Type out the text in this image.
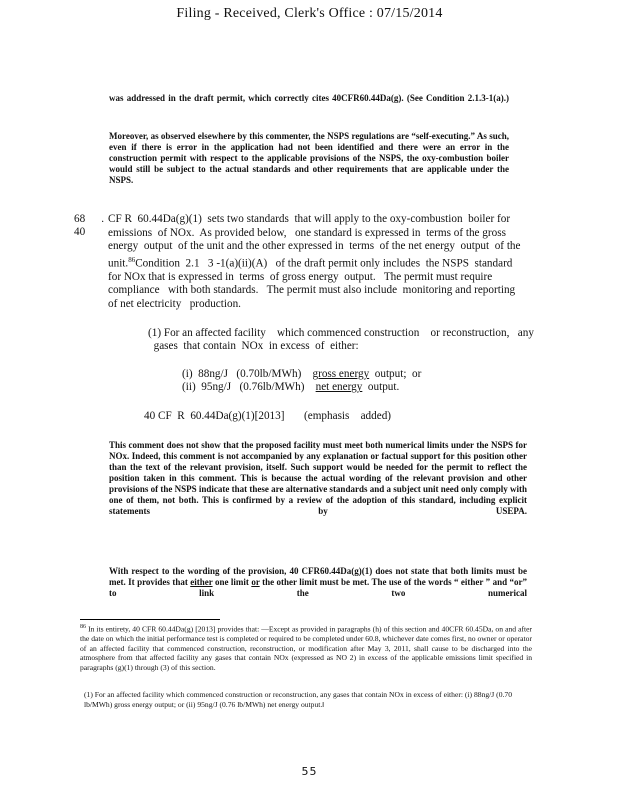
Filing - Received, Clerk's Office : 07/15/2014

was addressed in the draft permit, which correctly cites 40CFR60.44Da(g). (See Condition 2.1.3-1(a).)

Moreover, as observed elsewhere by this commenter, the NSPS regulations are “self-executing.” As such, even if there is error in the application had not been identified and there were an error in the construction permit with respect to the applicable provisions of the NSPS, the oxy-combustion boiler would still be subject to the actual standards and other requirements that are applicable under the NSPS.

68 . 40
CF R  60.44Da(g)(1)  sets two standards  that will apply to the oxy-combustion  boiler for
emissions  of NOx.  As provided below,   one standard is expressed in  terms of the gross
energy  output  of the unit and the other expressed in  terms  of the net energy  output  of the
unit.$^{86}$Condition  2.1   3 -1(a)(ii)(A)   of the draft permit only includes  the NSPS  standard
for NOx that is expressed in  terms  of gross energy  output.   The permit must require
compliance   with both standards.   The permit must also include  monitoring and reporting
of net electricity   production.
(1) For an affected facility    which commenced construction    or reconstruction,   any
gases  that contain  NOx  in excess  of  either:
(i)  88ng/J   (0.70lb/MWh)    gross energy  output;  or
(ii)  95ng/J   (0.76lb/MWh)    net energy  output.
40 CF  R  60.44Da(g)(1)[2013]       (emphasis    added)

This comment does not show that the proposed facility must meet both numerical limits under the NSPS for NOx. Indeed, this comment is not accompanied by any explanation or factual support for this position other than the text of the relevant provision, itself. Such support would be needed for the permit to reflect the position taken in this comment. This is because the actual wording of the relevant provision and other provisions of the NSPS indicate that these are alternative standards and a subject unit need only comply with one of them, not both. This is confirmed by a review of the adoption of this standard, including explicit statements by USEPA.

With respect to the wording of the provision, 40 CFR60.44Da(g)(1) does not state that both limits must be met. It provides that either one limit or the other limit must be met. The use of the words “ either ” and “or” to link the two numerical

$^{86}$ In its entirety, 40 CFR 60.44Da(g) [2013] provides that: —Except as provided in paragraphs (h) of this section and 40CFR 60.45Da, on and after the date on which the initial performance test is completed or required to be completed under 60.8, whichever date comes first, no owner or operator of an affected facility that commenced construction, reconstruction, or modification after May 3, 2011, shall cause to be discharged into the atmosphere from that affected facility any gases that contain NOx (expressed as NO 2) in excess of the applicable emissions limit specified in paragraphs (g)(1) through (3) of this section.

(1) For an affected facility which commenced construction or reconstruction, any gases that contain NOx in excess of either: (i) 88ng/J (0.70 lb/MWh) gross energy output; or (ii) 95ng/J (0.76 lb/MWh) net energy output.‖

55
